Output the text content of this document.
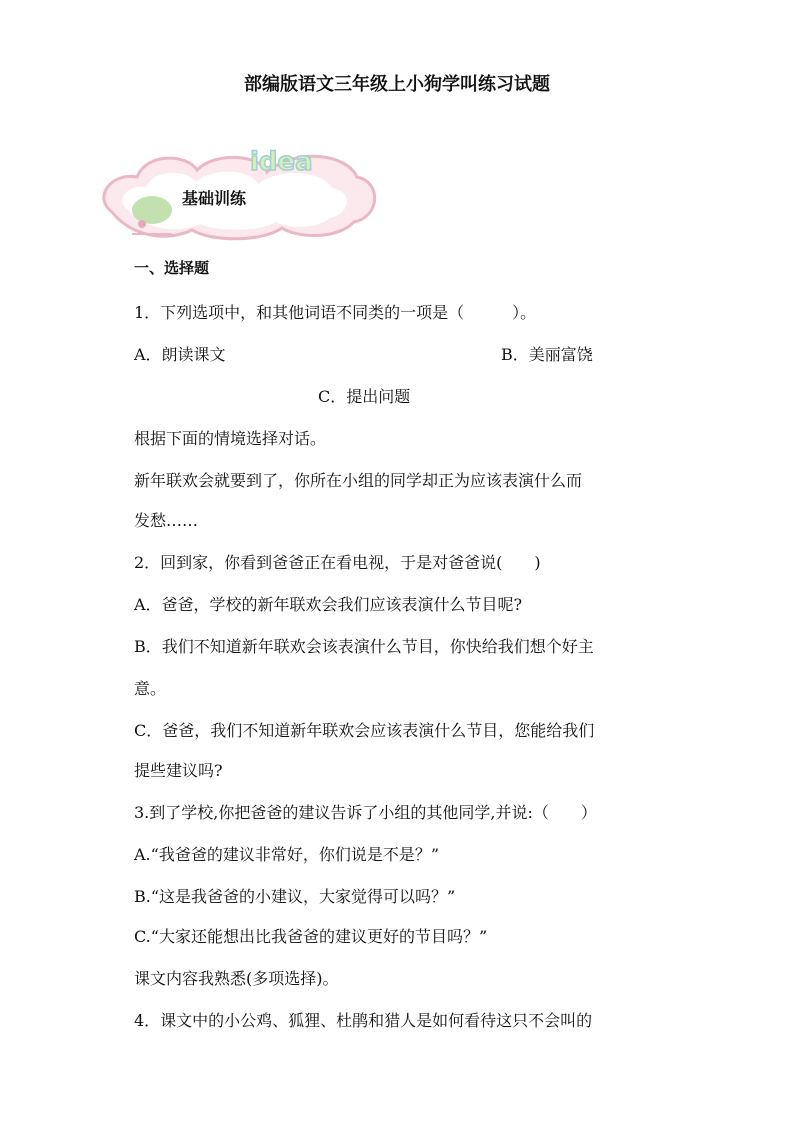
部编版语文三年级上小狗学叫练习试题
idea
基础训练
一、选择题
1．下列选项中，和其他词语不同类的一项是（　　　）。
A．朗读课文	B．美丽富饶
C．提出问题
根据下面的情境选择对话。
新年联欢会就要到了，你所在小组的同学却正为应该表演什么而
发愁……
2．回到家，你看到爸爸正在看电视，于是对爸爸说(　　)
A．爸爸，学校的新年联欢会我们应该表演什么节目呢?
B．我们不知道新年联欢会该表演什么节目，你快给我们想个好主
意。
C．爸爸，我们不知道新年联欢会应该表演什么节目，您能给我们
提些建议吗?
3.到了学校,你把爸爸的建议告诉了小组的其他同学,并说:（　　）
A.“我爸爸的建议非常好，你们说是不是？”
B.“这是我爸爸的小建议，大家觉得可以吗？”
C.“大家还能想出比我爸爸的建议更好的节目吗？”
课文内容我熟悉(多项选择)。
4．课文中的小公鸡、狐狸、杜鹃和猎人是如何看待这只不会叫的
